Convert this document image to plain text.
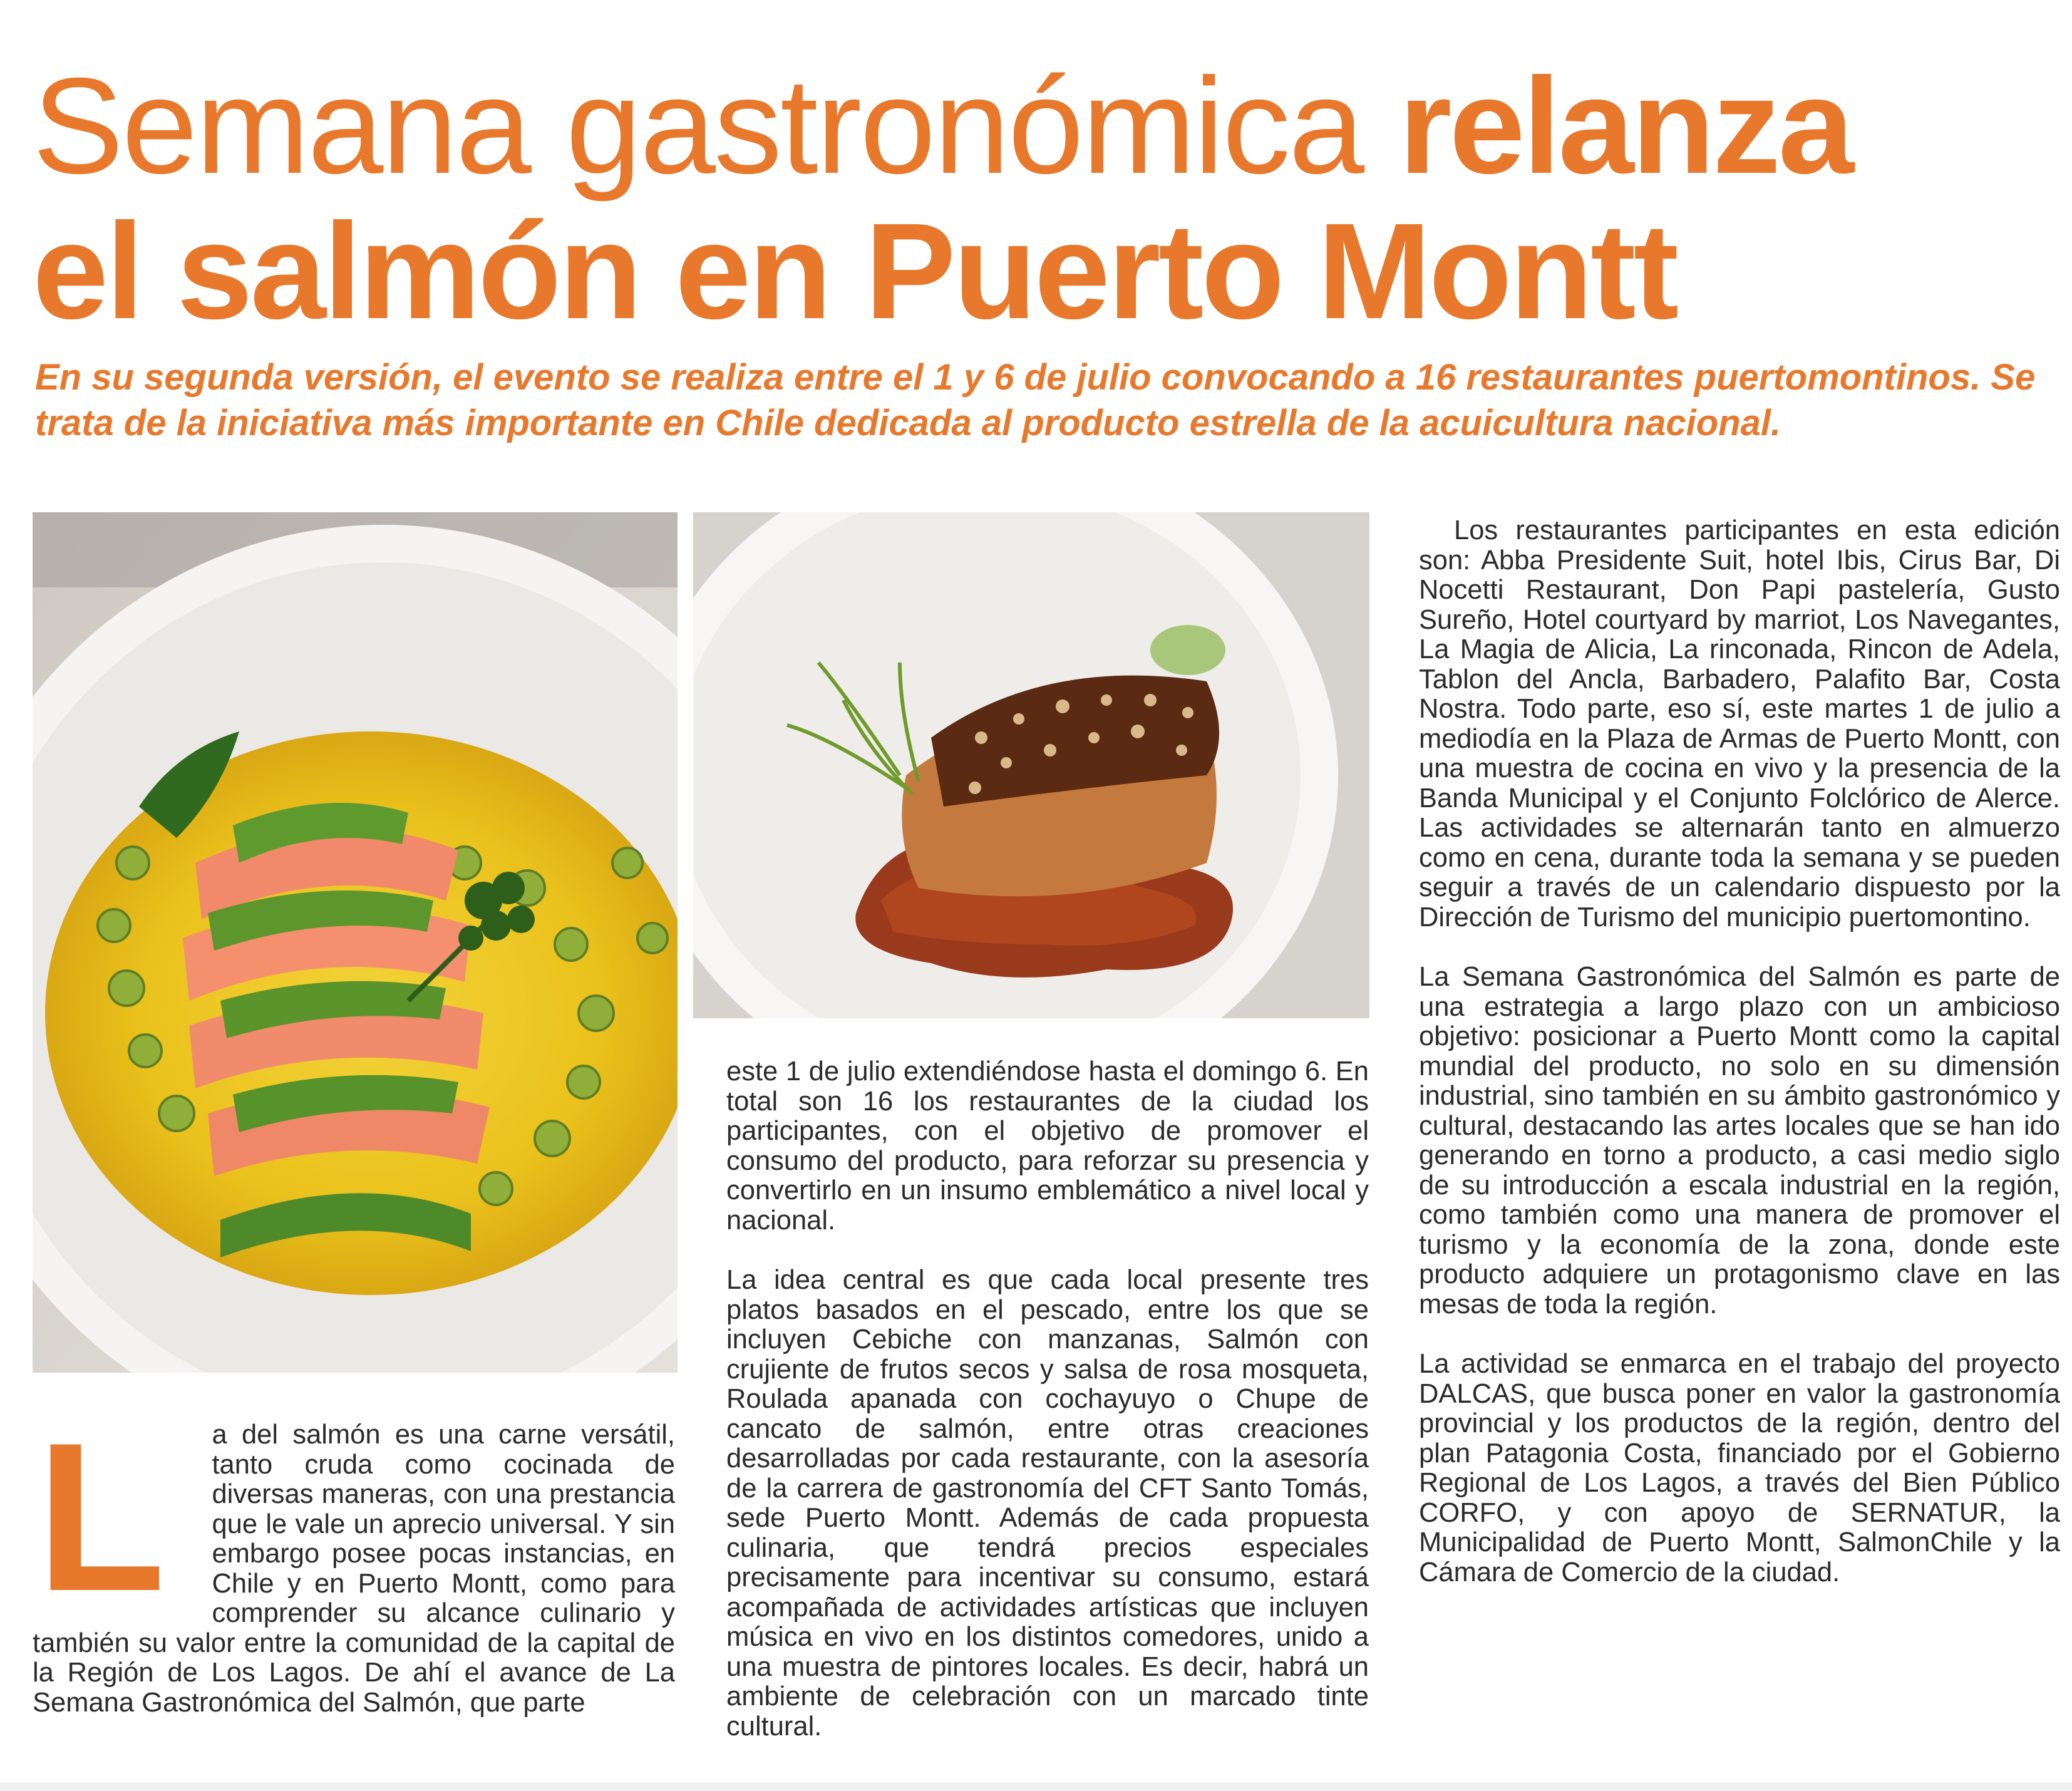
Semana gastronómica relanza
el salmón en Puerto Montt

En su segunda versión, el evento se realiza entre el 1 y 6 de julio convocando a 16 restaurantes puertomontinos. Se trata de la iniciativa más importante en Chile dedicada al producto estrella de la acuicultura nacional.

L a del salmón es una carne versátil, tanto cruda como cocinada de diversas maneras, con una prestancia que le vale un aprecio universal. Y sin embargo posee pocas instancias, en Chile y en Puerto Montt, como para comprender su alcance culinario y también su valor entre la comunidad de la capital de la Región de Los Lagos. De ahí el avance de La Semana Gastronómica del Salmón, que parte

este 1 de julio extendiéndose hasta el domingo 6. En total son 16 los restaurantes de la ciudad los participantes, con el objetivo de promover el consumo del producto, para reforzar su presencia y convertirlo en un insumo emblemático a nivel local y nacional.

La idea central es que cada local presente tres platos basados en el pescado, entre los que se incluyen Cebiche con manzanas, Salmón con crujiente de frutos secos y salsa de rosa mosqueta, Roulada apanada con cochayuyo o Chupe de cancato de salmón, entre otras creaciones desarrolladas por cada restaurante, con la asesoría de la carrera de gastronomía del CFT Santo Tomás, sede Puerto Montt. Además de cada propuesta culinaria, que tendrá precios especiales precisamente para incentivar su consumo, estará acompañada de actividades artísticas que incluyen música en vivo en los distintos comedores, unido a una muestra de pintores locales. Es decir, habrá un ambiente de celebración con un marcado tinte cultural.

Los restaurantes participantes en esta edición son: Abba Presidente Suit, hotel Ibis, Cirus Bar, Di Nocetti Restaurant, Don Papi pastelería, Gusto Sureño, Hotel courtyard by marriot, Los Navegantes, La Magia de Alicia, La rinconada, Rincon de Adela, Tablon del Ancla, Barbadero, Palafito Bar, Costa Nostra. Todo parte, eso sí, este martes 1 de julio a mediodía en la Plaza de Armas de Puerto Montt, con una muestra de cocina en vivo y la presencia de la Banda Municipal y el Conjunto Folclórico de Alerce. Las actividades se alternarán tanto en almuerzo como en cena, durante toda la semana y se pueden seguir a través de un calendario dispuesto por la Dirección de Turismo del municipio puertomontino.

La Semana Gastronómica del Salmón es parte de una estrategia a largo plazo con un ambicioso objetivo: posicionar a Puerto Montt como la capital mundial del producto, no solo en su dimensión industrial, sino también en su ámbito gastronómico y cultural, destacando las artes locales que se han ido generando en torno a producto, a casi medio siglo de su introducción a escala industrial en la región, como también como una manera de promover el turismo y la economía de la zona, donde este producto adquiere un protagonismo clave en las mesas de toda la región.

La actividad se enmarca en el trabajo del proyecto DALCAS, que busca poner en valor la gastronomía provincial y los productos de la región, dentro del plan Patagonia Costa, financiado por el Gobierno Regional de Los Lagos, a través del Bien Público CORFO, y con apoyo de SERNATUR, la Municipalidad de Puerto Montt, SalmonChile y la Cámara de Comercio de la ciudad.
